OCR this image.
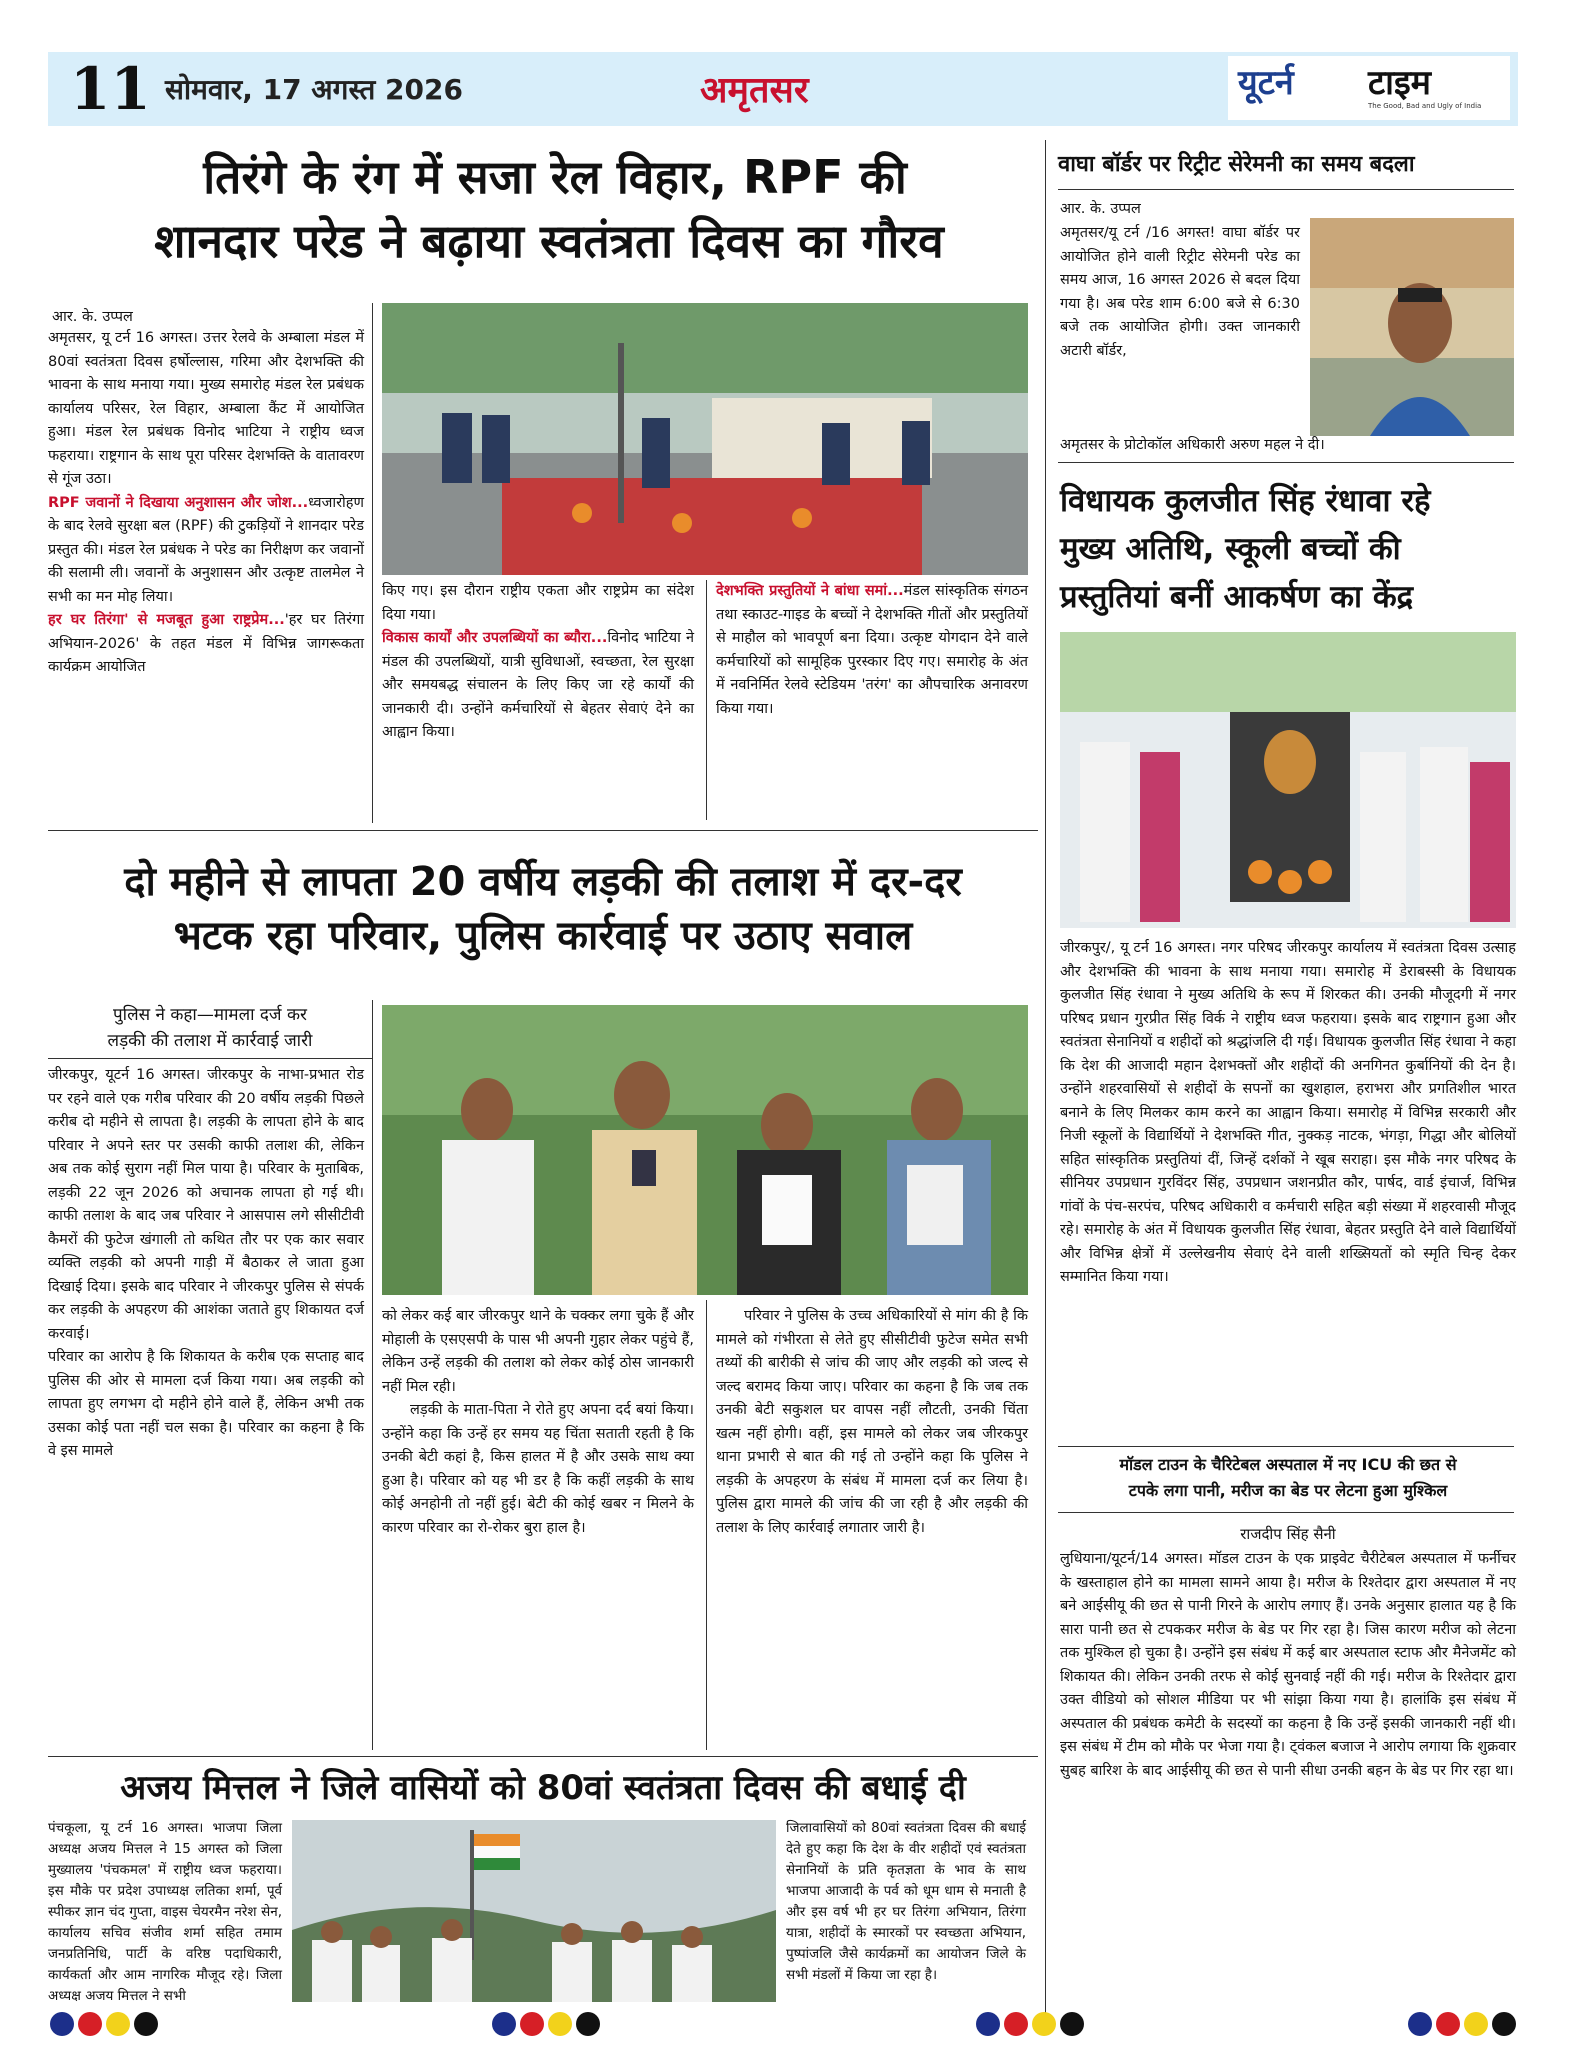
11 सोमवार, 17 अगस्त 2026	अमृतसर	यूटर्न टाइम
The Good, Bad and Ugly of India
तिरंगे के रंग में सजा रेल विहार, RPF की
शानदार परेड ने बढ़ाया स्वतंत्रता दिवस का गौरव
आर. के. उप्पल

अमृतसर, यू टर्न 16 अगस्त। उत्तर रेलवे के अम्बाला मंडल में 80वां स्वतंत्रता दिवस हर्षोल्लास, गरिमा और देशभक्ति की भावना के साथ मनाया गया। मुख्य समारोह मंडल रेल प्रबंधक कार्यालय परिसर, रेल विहार, अम्बाला कैंट में आयोजित हुआ। मंडल रेल प्रबंधक विनोद भाटिया ने राष्ट्रीय ध्वज फहराया। राष्ट्रगान के साथ पूरा परिसर देशभक्ति के वातावरण से गूंज उठा।

RPF जवानों ने दिखाया अनुशासन और जोश...ध्वजारोहण के बाद रेलवे सुरक्षा बल (RPF) की टुकड़ियों ने शानदार परेड प्रस्तुत की। मंडल रेल प्रबंधक ने परेड का निरीक्षण कर जवानों की सलामी ली। जवानों के अनुशासन और उत्कृष्ट तालमेल ने सभी का मन मोह लिया।

हर घर तिरंगा' से मजबूत हुआ राष्ट्रप्रेम...'हर घर तिरंगा अभियान-2026' के तहत मंडल में विभिन्न जागरूकता कार्यक्रम आयोजित

किए गए। इस दौरान राष्ट्रीय एकता और राष्ट्रप्रेम का संदेश दिया गया।

विकास कार्यों और उपलब्धियों का ब्यौरा...विनोद भाटिया ने मंडल की उपलब्धियों, यात्री सुविधाओं, स्वच्छता, रेल सुरक्षा और समयबद्ध संचालन के लिए किए जा रहे कार्यों की जानकारी दी। उन्होंने कर्मचारियों से बेहतर सेवाएं देने का आह्वान किया।

देशभक्ति प्रस्तुतियों ने बांधा समां...मंडल सांस्कृतिक संगठन तथा स्काउट-गाइड के बच्चों ने देशभक्ति गीतों और प्रस्तुतियों से माहौल को भावपूर्ण बना दिया। उत्कृष्ट योगदान देने वाले कर्मचारियों को सामूहिक पुरस्कार दिए गए। समारोह के अंत में नवनिर्मित रेलवे स्टेडियम 'तरंग' का औपचारिक अनावरण किया गया।

वाघा बॉर्डर पर रिट्रीट सेरेमनी का समय बदला
आर. के. उप्पल
अमृतसर/यू टर्न /16 अगस्त! वाघा बॉर्डर पर आयोजित होने वाली रिट्रीट सेरेमनी परेड का समय आज, 16 अगस्त 2026 से बदल दिया गया है। अब परेड शाम 6:00 बजे से 6:30 बजे तक आयोजित होगी। उक्त जानकारी अटारी बॉर्डर,
अमृतसर के प्रोटोकॉल अधिकारी अरुण महल ने दी।
विधायक कुलजीत सिंह रंधावा रहे
मुख्य अतिथि, स्कूली बच्चों की
प्रस्तुतियां बनीं आकर्षण का केंद्र
जीरकपुर/, यू टर्न 16 अगस्त। नगर परिषद जीरकपुर कार्यालय में स्वतंत्रता दिवस उत्साह और देशभक्ति की भावना के साथ मनाया गया। समारोह में डेराबस्सी के विधायक कुलजीत सिंह रंधावा ने मुख्य अतिथि के रूप में शिरकत की। उनकी मौजूदगी में नगर परिषद प्रधान गुरप्रीत सिंह विर्क ने राष्ट्रीय ध्वज फहराया। इसके बाद राष्ट्रगान हुआ और स्वतंत्रता सेनानियों व शहीदों को श्रद्धांजलि दी गई। विधायक कुलजीत सिंह रंधावा ने कहा कि देश की आजादी महान देशभक्तों और शहीदों की अनगिनत कुर्बानियों की देन है। उन्होंने शहरवासियों से शहीदों के सपनों का खुशहाल, हराभरा और प्रगतिशील भारत बनाने के लिए मिलकर काम करने का आह्वान किया। समारोह में विभिन्न सरकारी और निजी स्कूलों के विद्यार्थियों ने देशभक्ति गीत, नुक्कड़ नाटक, भंगड़ा, गिद्धा और बोलियों सहित सांस्कृतिक प्रस्तुतियां दीं, जिन्हें दर्शकों ने खूब सराहा। इस मौके नगर परिषद के सीनियर उपप्रधान गुरविंदर सिंह, उपप्रधान जशनप्रीत कौर, पार्षद, वार्ड इंचार्ज, विभिन्न गांवों के पंच-सरपंच, परिषद अधिकारी व कर्मचारी सहित बड़ी संख्या में शहरवासी मौजूद रहे। समारोह के अंत में विधायक कुलजीत सिंह रंधावा, बेहतर प्रस्तुति देने वाले विद्यार्थियों और विभिन्न क्षेत्रों में उल्लेखनीय सेवाएं देने वाली शख्सियतों को स्मृति चिन्ह देकर सम्मानित किया गया।
मॉडल टाउन के चैरिटेबल अस्पताल में नए ICU की छत से
टपके लगा पानी, मरीज का बेड पर लेटना हुआ मुश्किल
राजदीप सिंह सैनी
लुधियाना/यूटर्न/14 अगस्त। मॉडल टाउन के एक प्राइवेट चैरीटेबल अस्पताल में फर्नीचर के खस्ताहाल होने का मामला सामने आया है। मरीज के रिश्तेदार द्वारा अस्पताल में नए बने आईसीयू की छत से पानी गिरने के आरोप लगाए हैं। उनके अनुसार हालात यह है कि सारा पानी छत से टपककर मरीज के बेड पर गिर रहा है। जिस कारण मरीज को लेटना तक मुश्किल हो चुका है। उन्होंने इस संबंध में कई बार अस्पताल स्टाफ और मैनेजमेंट को शिकायत की। लेकिन उनकी तरफ से कोई सुनवाई नहीं की गई। मरीज के रिश्तेदार द्वारा उक्त वीडियो को सोशल मीडिया पर भी सांझा किया गया है। हालांकि इस संबंध में अस्पताल की प्रबंधक कमेटी के सदस्यों का कहना है कि उन्हें इसकी जानकारी नहीं थी। इस संबंध में टीम को मौके पर भेजा गया है। ट्वंकल बजाज ने आरोप लगाया कि शुक्रवार सुबह बारिश के बाद आईसीयू की छत से पानी सीधा उनकी बहन के बेड पर गिर रहा था।
दो महीने से लापता 20 वर्षीय लड़की की तलाश में दर-दर
भटक रहा परिवार, पुलिस कार्रवाई पर उठाए सवाल
पुलिस ने कहा—मामला दर्ज कर
लड़की की तलाश में कार्रवाई जारी

जीरकपुर, यूटर्न 16 अगस्त। जीरकपुर के नाभा-प्रभात रोड पर रहने वाले एक गरीब परिवार की 20 वर्षीय लड़की पिछले करीब दो महीने से लापता है। लड़की के लापता होने के बाद परिवार ने अपने स्तर पर उसकी काफी तलाश की, लेकिन अब तक कोई सुराग नहीं मिल पाया है। परिवार के मुताबिक, लड़की 22 जून 2026 को अचानक लापता हो गई थी। काफी तलाश के बाद जब परिवार ने आसपास लगे सीसीटीवी कैमरों की फुटेज खंगाली तो कथित तौर पर एक कार सवार व्यक्ति लड़की को अपनी गाड़ी में बैठाकर ले जाता हुआ दिखाई दिया। इसके बाद परिवार ने जीरकपुर पुलिस से संपर्क कर लड़की के अपहरण की आशंका जताते हुए शिकायत दर्ज करवाई।

परिवार का आरोप है कि शिकायत के करीब एक सप्ताह बाद पुलिस की ओर से मामला दर्ज किया गया। अब लड़की को लापता हुए लगभग दो महीने होने वाले हैं, लेकिन अभी तक उसका कोई पता नहीं चल सका है। परिवार का कहना है कि वे इस मामले

को लेकर कई बार जीरकपुर थाने के चक्कर लगा चुके हैं और मोहाली के एसएसपी के पास भी अपनी गुहार लेकर पहुंचे हैं, लेकिन उन्हें लड़की की तलाश को लेकर कोई ठोस जानकारी नहीं मिल रही।

लड़की के माता-पिता ने रोते हुए अपना दर्द बयां किया। उन्होंने कहा कि उन्हें हर समय यह चिंता सताती रहती है कि उनकी बेटी कहां है, किस हालत में है और उसके साथ क्या हुआ है। परिवार को यह भी डर है कि कहीं लड़की के साथ कोई अनहोनी तो नहीं हुई। बेटी की कोई खबर न मिलने के कारण परिवार का रो-रोकर बुरा हाल है।

परिवार ने पुलिस के उच्च अधिकारियों से मांग की है कि मामले को गंभीरता से लेते हुए सीसीटीवी फुटेज समेत सभी तथ्यों की बारीकी से जांच की जाए और लड़की को जल्द से जल्द बरामद किया जाए। परिवार का कहना है कि जब तक उनकी बेटी सकुशल घर वापस नहीं लौटती, उनकी चिंता खत्म नहीं होगी। वहीं, इस मामले को लेकर जब जीरकपुर थाना प्रभारी से बात की गई तो उन्होंने कहा कि पुलिस ने लड़की के अपहरण के संबंध में मामला दर्ज कर लिया है। पुलिस द्वारा मामले की जांच की जा रही है और लड़की की तलाश के लिए कार्रवाई लगातार जारी है।

अजय मित्तल ने जिले वासियों को 80वां स्वतंत्रता दिवस की बधाई दी
पंचकूला, यू टर्न 16 अगस्त। भाजपा जिला अध्यक्ष अजय मित्तल ने 15 अगस्त को जिला मुख्यालय 'पंचकमल' में राष्ट्रीय ध्वज फहराया। इस मौके पर प्रदेश उपाध्यक्ष लतिका शर्मा, पूर्व स्पीकर ज्ञान चंद गुप्ता, वाइस चेयरमैन नरेश सेन, कार्यालय सचिव संजीव शर्मा सहित तमाम जनप्रतिनिधि, पार्टी के वरिष्ठ पदाधिकारी, कार्यकर्ता और आम नागरिक मौजूद रहे। जिला अध्यक्ष अजय मित्तल ने सभी
जिलावासियों को 80वां स्वतंत्रता दिवस की बधाई देते हुए कहा कि देश के वीर शहीदों एवं स्वतंत्रता सेनानियों के प्रति कृतज्ञता के भाव के साथ भाजपा आजादी के पर्व को धूम धाम से मनाती है और इस वर्ष भी हर घर तिरंगा अभियान, तिरंगा यात्रा, शहीदों के स्मारकों पर स्वच्छता अभियान, पुष्पांजलि जैसे कार्यक्रमों का आयोजन जिले के सभी मंडलों में किया जा रहा है।
